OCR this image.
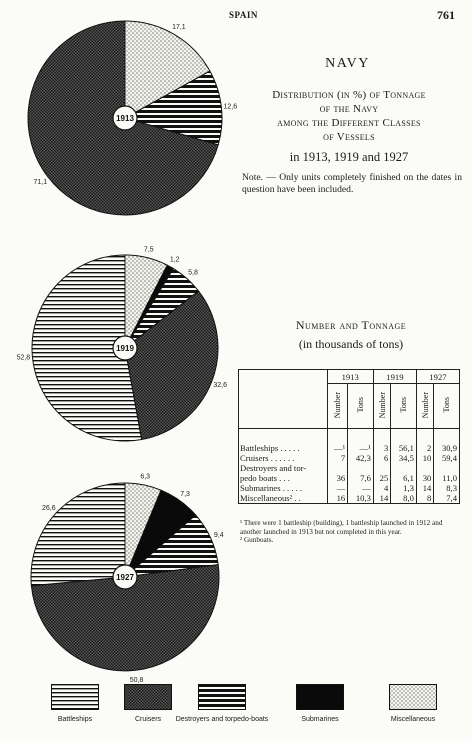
SPAIN	761
17,1
12,6
71,1
1913
7,5
1,2
5,8
32,6
52,8
1919
6,3
7,3
9,4
50,8
26,6
1927
NAVY
Distribution (in %) of Tonnage
of the Navy
among the Different Classes
of Vessels
in 1913, 1919 and 1927
Note. — Only units completely finished on the dates in question have been included.
Number and Tonnage
(in thousands of tons)
	1913		1919		1927	
	Number	Tons	Number	Tons	Number	Tons
Battleships . . . . .	—¹	—¹	3	56,1	2	30,9
Cruisers . . . . . .	7	42,3	6	34,5	10	59,4
Destroyers and tor-						
pedo boats . . .	36	7,6	25	6,1	30	11,0
Submarines . . . . .	—	—	4	1,3	14	8,3
Miscellaneous² . .	16	10,3	14	8,0	8	7,4
¹ There were 1 battleship (building), 1 battleship launched in 1912 and another launched in 1913 but not completed in this year.
² Gunboats.
Battleships	Cruisers	Destroyers and torpedo-boats	Submarines	Miscellaneous
